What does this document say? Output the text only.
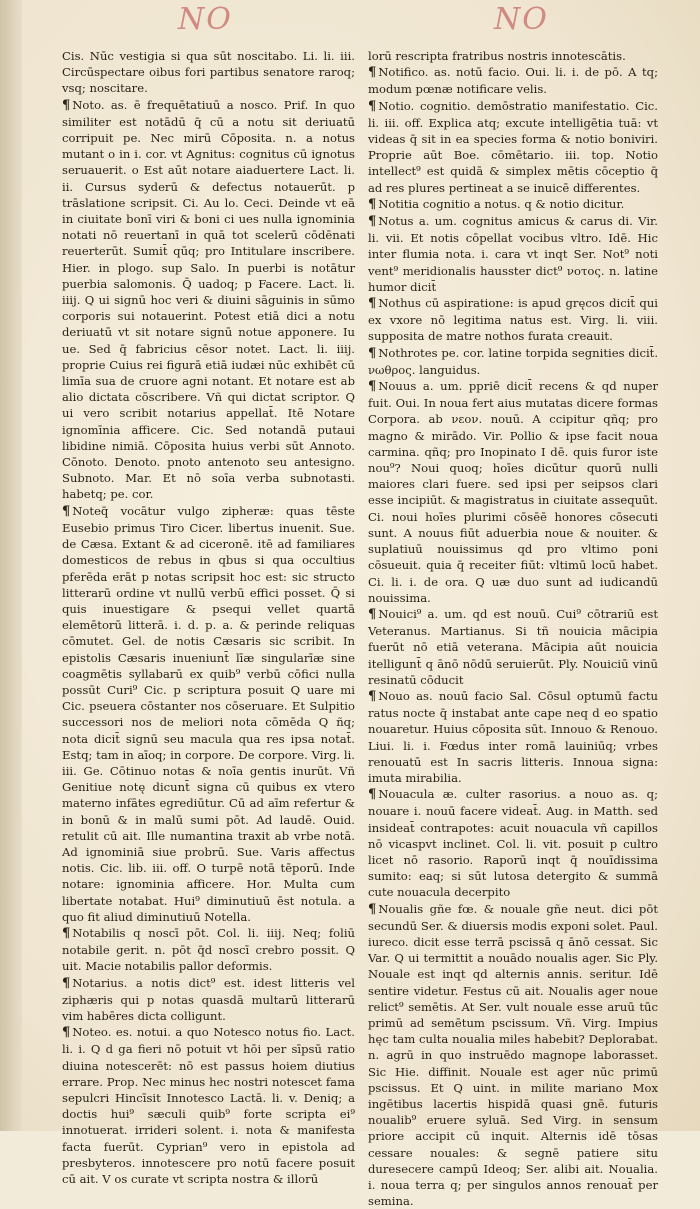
NO	NO

Cis. Nūc vestigia si qua sūt noscitabo. Li. li. iii. Circūspectare oibus fori partibus senatore raroq; vsq; noscitare.

¶ Noto. as. ē frequētatiuū a nosco. Prif. In quo similiter est notādū q̄ cū a notu sit deriuatū corripuit pe. Nec mirū Cōposita. n. a notus mutant o in i. cor. vt Agnitus: cognitus cū ignotus seruauerit. o Est aūt notare aiaduertere Lact. li. ii. Cursus syderū & defectus notauerūt. p trāslatione scripsit. Ci. Au lo. Ceci. Deinde vt eā in ciuitate bonī viri & boni ci ues nulla ignominia notati nō reuertanī in quā tot scelerū cōdēnati reuerterūt. Sumit̄ qūq; pro Intitulare inscribere. Hier. in plogo. sup Salo. In puerbi is notātur puerbia salomonis. Q̄ uadoq; p Facere. Lact. li. iiij. Q ui signū hoc veri & diuini sāguinis in sūmo corporis sui notauerint. Potest etiā dici a notu deriuatū vt sit notare signū notue apponere. Iu ue. Sed q̄ fabricius cēsor notet. Lact. li. iiij. proprie Cuius rei figurā etiā iudæi nūc exhibēt cū limīa sua de cruore agni notant. Et notare est ab alio dictata cōscribere. Vñ qui dictat scriptor. Q ui vero scribit notarius appellat̄. Itē Notare ignomīnia afficere. Cic. Sed notandā putaui libidine nimiā. Cōposita huius verbi sūt Annoto. Cōnoto. Denoto. pnoto antenoto seu antesigno. Subnoto. Mar. Et nō soīa verba subnotasti. habetq; pe. cor.

¶ Noteq̄ vocātur vulgo zipheræ: quas tēste Eusebio primus Tiro Cicer. libertus inuenit. Sue. de Cæsa. Extant & ad ciceronē. itē ad familiares domesticos de rebus in qbus si qua occultius pferēda erāt p notas scripsit hoc est: sic structo litterarū ordine vt nullū verbū effici posset. Q̄ si quis inuestigare & psequi vellet quartā elemētorū litterā. i. d. p. a. & perinde reliquas cōmutet. Gel. de notis Cæsaris sic scribit. In epistolis Cæsaris inueniunt̄ līæ singularīæ sine coagmētis syllabarū ex quib⁹ verbū cōfici nulla possūt Curi⁹ Cic. p scriptura posuit Q uare mi Cic. pseuera cōstanter nos cōseruare. Et Sulpitio successori nos de meliori nota cōmēda Q ñq; nota dicit̄ signū seu macula qua res ipsa notat̄. Estq; tam in aīoq; in corpore. De corpore. Virg. li. iii. Ge. Cōtinuo notas & noīa gentis inurūt. Vñ Genitiue notę dicunt̄ signa cū quibus ex vtero materno infātes egrediūtur. Cū ad aīm refertur & in bonū & in malū sumi pōt. Ad laudē. Ouid. retulit cū ait. Ille numantina traxit ab vrbe notā. Ad ignominiā siue probrū. Sue. Varis affectus notis. Cic. lib. iii. off. O turpē notā tēporū. Inde notare: ignominia afficere. Hor. Multa cum libertate notabat. Hui⁹ diminutiuū ēst notula. a quo fit aliud diminutiuū Notella.

¶ Notabilis q noscī pōt. Col. li. iiij. Neq; foliū notabile gerit. n. pōt q̄d noscī crebro possit. Q uit. Macie notabilis pallor deformis.

¶ Notarius. a notis dict⁹ est. idest litteris vel ziphæris qui p notas quasdā multarū litterarū vim habēres dicta colligunt.

¶ Noteo. es. notui. a quo Notesco notus fio. Lact. li. i. Q d ga fieri nō potuit vt hōi per sīpsū ratio diuina notescerēt: nō est passus hoiem diutius errare. Prop. Nec minus hec nostri notescet fama sepulcri Hincīsit Innotesco Lactā. li. v. Deniq; a doctis hui⁹ sæculi quib⁹ forte scripta ei⁹ innotuerat. irrideri solent. i. nota & manifesta facta fuerūt. Cyprian⁹ vero in epistola ad presbyteros. innotescere pro notū facere posuit cū ait. V os curate vt scripta nostra & illorū

lorū rescripta fratribus nostris innotescātis.

¶ Notifico. as. notū facio. Oui. li. i. de pō. A tq; modum pœnæ notificare velis.

¶ Notio. cognitio. demōstratio manifestatio. Cic. li. iii. off. Explica atq; excute intelligētia tuā: vt videas q̄ sit in ea species forma & notio boniviri. Proprie aūt Boe. cōmētario. iii. top. Notio intellect⁹ est quidā & simplex mētis cōceptio q̄ ad res plures pertineat a se inuicē differentes.

¶ Notitia cognitio a notus. q & notio dicitur.

¶ Notus a. um. cognitus amicus & carus di. Vir. li. vii. Et notis cōpellat vocibus vltro. Idē. Hic inter flumia nota. i. cara vt inqt Ser. Not⁹ noti vent⁹ meridionalis hausster dict⁹ νοτος. n. latine humor dicit̄

¶ Nothus cū aspiratione: is apud gręcos dicit̄ qui ex vxore nō legitima natus est. Virg. li. viii. supposita de matre nothos furata creauit.

¶ Nothrotes pe. cor. latine torpida segnities dicit̄. νωθρος. languidus.

¶ Nouus a. um. ppriē dicit̄ recens & qd nuper fuit. Oui. In noua fert aius mutatas dicere formas Corpora. ab νεον. nouū. A ccipitur qñq; pro magno & mirādo. Vir. Pollio & ipse facit noua carmina. qñq; pro Inopinato I dē. quis furor iste nou⁹? Noui quoq; hoīes dicūtur quorū nulli maiores clari fuere. sed ipsi per seipsos clari esse incipiūt. & magistratus in ciuitate assequūt. Ci. noui hoīes plurimi cōsēē honores cōsecuti sunt. A nouus fiūt aduerbia noue & nouiter. & suplatiuū nouissimus qd pro vltimo poni cōsueuit. quia q̄ receiter fiūt: vltimū locū habet. Ci. li. i. de ora. Q uæ duo sunt ad iudicandū nouissima.

¶ Nouici⁹ a. um. qd est nouū. Cui⁹ cōtrariū est Veteranus. Martianus. Si tñ nouicia mācipia fuerūt nō etiā veterana. Mācipia aūt nouicia itelligunt̄ q ānō nōdū seruierūt. Ply. Nouiciū vinū resinatū cōducit

¶ Nouo as. nouū facio Sal. Cōsul optumū factu ratus nocte q̄ instabat ante cape neq d eo spatio nouaretur. Huius cōposita sūt. Innouo & Renouo. Liui. li. i. Fœdus inter romā lauiniūq; vrbes renouatū est In sacris litteris. Innoua signa: imuta mirabilia.

¶ Nouacula æ. culter rasorius. a nouo as. q; nouare i. nouū facere videat̄. Aug. in Matth. sed insideat̄ contrapotes: acuit nouacula vñ capillos nō vicaspvt inclinet. Col. li. vit. posuit p cultro licet nō rasorio. Raporū inqt q̄ nouīdissima sumito: eaq; si sūt lutosa detergito & summā cute nouacula decerpito

¶ Noualis gñe fœ. & nouale gñe neut. dici pōt secundū Ser. & diuersis modis exponi solet. Paul. iureco. dicit esse terrā pscissā q ānō cessat. Sic Var. Q ui termittit a nouādo noualis ager. Sic Ply. Nouale est inqt qd alternis annis. seritur. Idē sentire videtur. Festus cū ait. Noualis ager noue relict⁹ semētis. At Ser. vult nouale esse aruū tūc primū ad semētum pscissum. Vñ. Virg. Impius hęc tam culta noualia miles habebit? Deplorabat. n. agrū in quo instruēdo magnope laborasset. Sic Hie. diffinit. Nouale est ager nūc primū pscissus. Et Q uint. in milite mariano Mox ingētibus lacertis hispidā quasi gnē. futuris noualib⁹ eruere syluā. Sed Virg. in sensum priore accipit cū inquit. Alternis idē tōsas cessare nouales: & segnē patiere situ duresecere campū Ideoq; Ser. alibi ait. Noualia. i. noua terra q; per singulos annos renouat̄ per semina.
